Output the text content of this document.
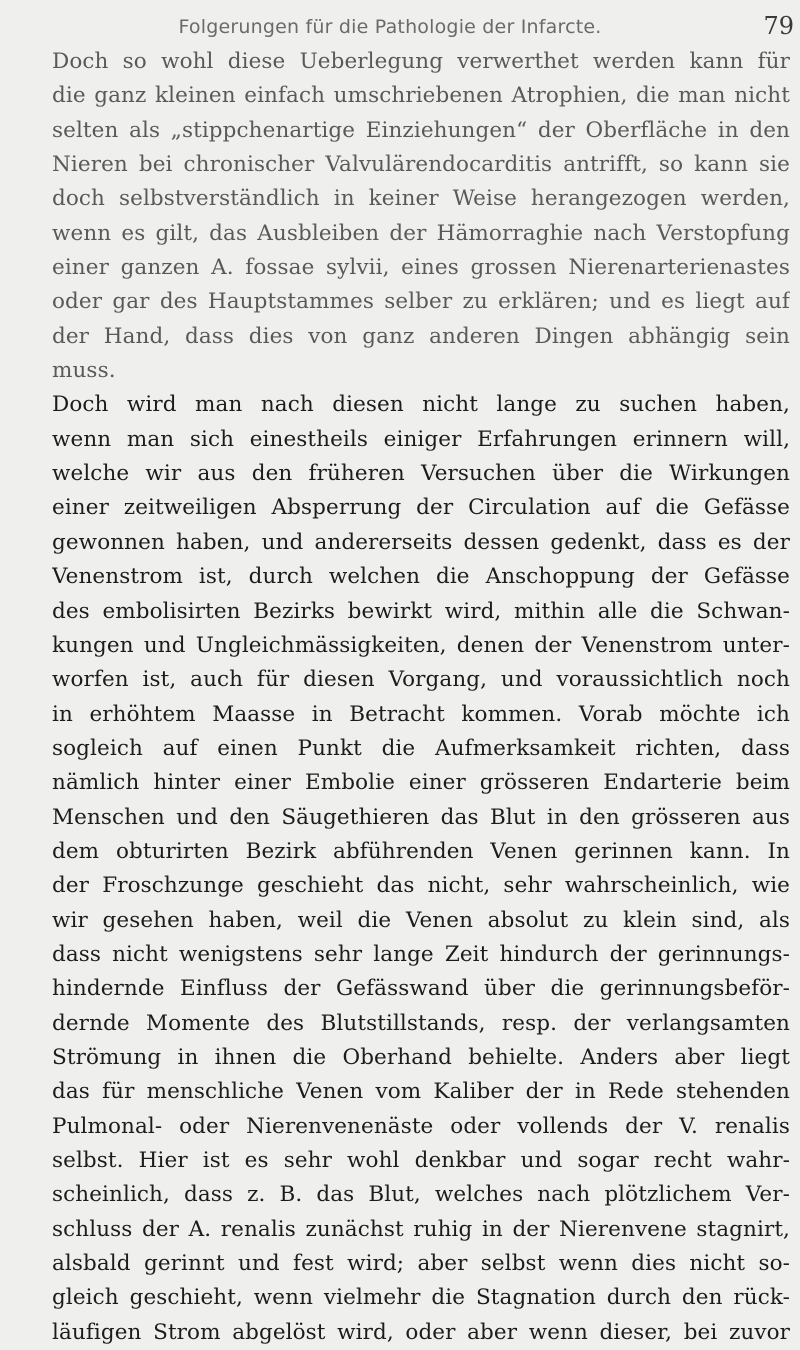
Folgerungen für die Pathologie der Infarcte.	79
Doch so wohl diese Ueberlegung verwerthet werden kann für
die ganz kleinen einfach umschriebenen Atrophien, die man nicht
selten als „stippchenartige Einziehungen“ der Oberfläche in den
Nieren bei chronischer Valvulärendocarditis antrifft, so kann sie
doch selbstverständlich in keiner Weise herangezogen werden,
wenn es gilt, das Ausbleiben der Hämorraghie nach Verstopfung
einer ganzen A. fossae sylvii, eines grossen Nierenarterienastes
oder gar des Hauptstammes selber zu erklären; und es liegt auf
der Hand, dass dies von ganz anderen Dingen abhängig sein
muss.
Doch wird man nach diesen nicht lange zu suchen haben,
wenn man sich einestheils einiger Erfahrungen erinnern will,
welche wir aus den früheren Versuchen über die Wirkungen
einer zeitweiligen Absperrung der Circulation auf die Gefässe
gewonnen haben, und andererseits dessen gedenkt, dass es der
Venenstrom ist, durch welchen die Anschoppung der Gefässe
des embolisirten Bezirks bewirkt wird, mithin alle die Schwan-
kungen und Ungleichmässigkeiten, denen der Venenstrom unter-
worfen ist, auch für diesen Vorgang, und voraussichtlich noch
in erhöhtem Maasse in Betracht kommen. Vorab möchte ich
sogleich auf einen Punkt die Aufmerksamkeit richten, dass
nämlich hinter einer Embolie einer grösseren Endarterie beim
Menschen und den Säugethieren das Blut in den grösseren aus
dem obturirten Bezirk abführenden Venen gerinnen kann. In
der Froschzunge geschieht das nicht, sehr wahrscheinlich, wie
wir gesehen haben, weil die Venen absolut zu klein sind, als
dass nicht wenigstens sehr lange Zeit hindurch der gerinnungs-
hindernde Einfluss der Gefässwand über die gerinnungsbeför-
dernde Momente des Blutstillstands, resp. der verlangsamten
Strömung in ihnen die Oberhand behielte. Anders aber liegt
das für menschliche Venen vom Kaliber der in Rede stehenden
Pulmonal- oder Nierenvenenäste oder vollends der V. renalis
selbst. Hier ist es sehr wohl denkbar und sogar recht wahr-
scheinlich, dass z. B. das Blut, welches nach plötzlichem Ver-
schluss der A. renalis zunächst ruhig in der Nierenvene stagnirt,
alsbald gerinnt und fest wird; aber selbst wenn dies nicht so-
gleich geschieht, wenn vielmehr die Stagnation durch den rück-
läufigen Strom abgelöst wird, oder aber wenn dieser, bei zuvor
